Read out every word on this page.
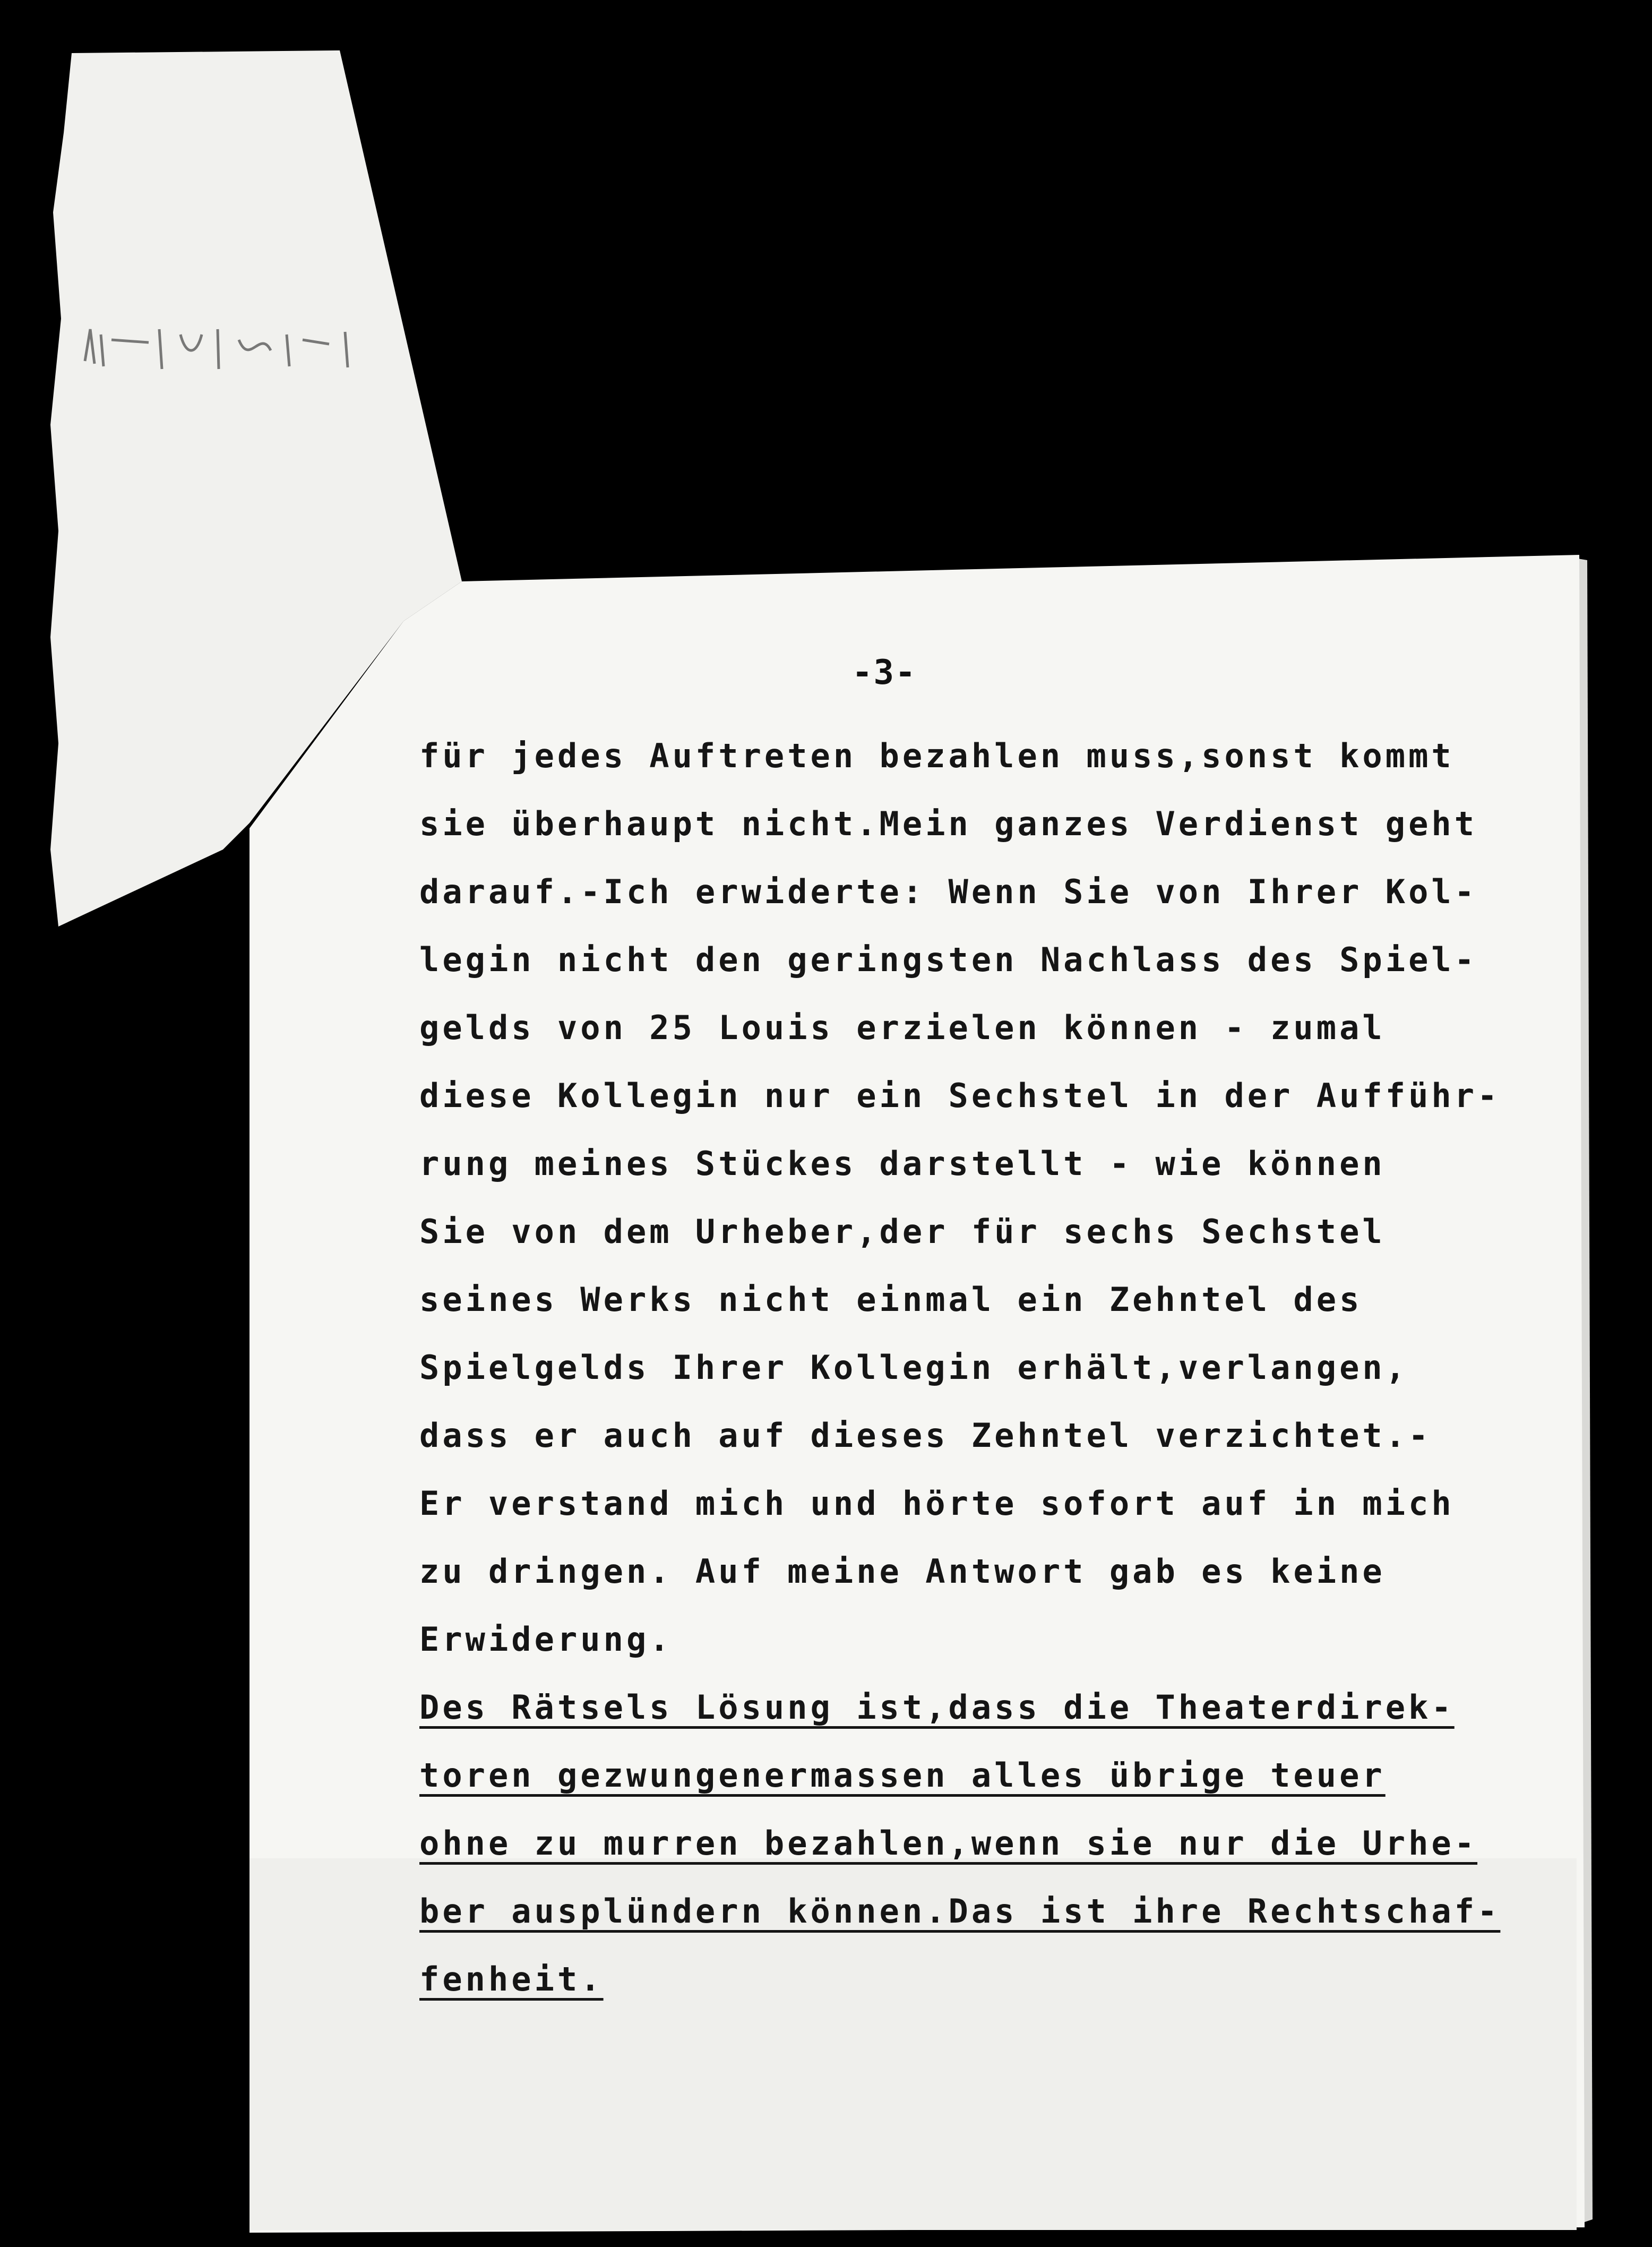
-3-
für jedes Auftreten bezahlen muss,sonst kommt
sie überhaupt nicht.Mein ganzes Verdienst geht
darauf.-Ich erwiderte: Wenn Sie von Ihrer Kol-
legin nicht den geringsten Nachlass des Spiel-
gelds von 25 Louis erzielen können - zumal
diese Kollegin nur ein Sechstel in der Aufführ-
rung meines Stückes darstellt - wie können
Sie von dem Urheber,der für sechs Sechstel
seines Werks nicht einmal ein Zehntel des
Spielgelds Ihrer Kollegin erhält,verlangen,
dass er auch auf dieses Zehntel verzichtet.-
Er verstand mich und hörte sofort auf in mich
zu dringen. Auf meine Antwort gab es keine
Erwiderung.
Des Rätsels Lösung ist,dass die Theaterdirek-
toren gezwungenermassen alles übrige teuer
ohne zu murren bezahlen,wenn sie nur die Urhe-
ber ausplündern können.Das ist ihre Rechtschaf-
fenheit.
